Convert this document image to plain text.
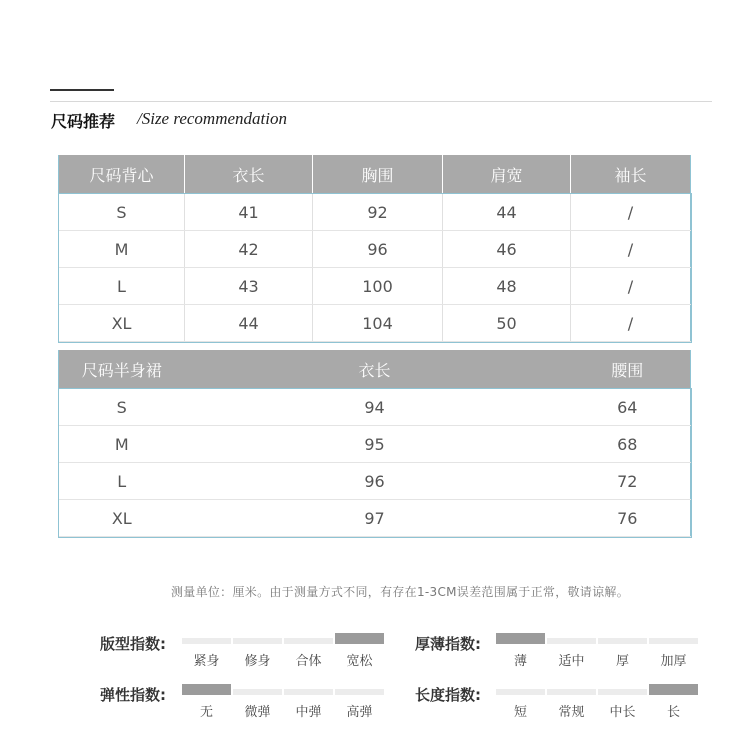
尺码推荐 /Size recommendation
尺码背心	衣长	胸围	肩宽	袖长
S	41	92	44	/
M	42	96	46	/
L	43	100	48	/
XL	44	104	50	/
尺码半身裙	衣长	腰围
S	94	64
M	95	68
L	96	72
XL	97	76
测量单位：厘米。由于测量方式不同，有存在1-3CM误差范围属于正常，敬请谅解。
版型指数:
紧身 修身 合体 宽松
厚薄指数:
薄 适中 厚 加厚
弹性指数:
无 微弹 中弹 高弹
长度指数:
短 常规 中长 长
